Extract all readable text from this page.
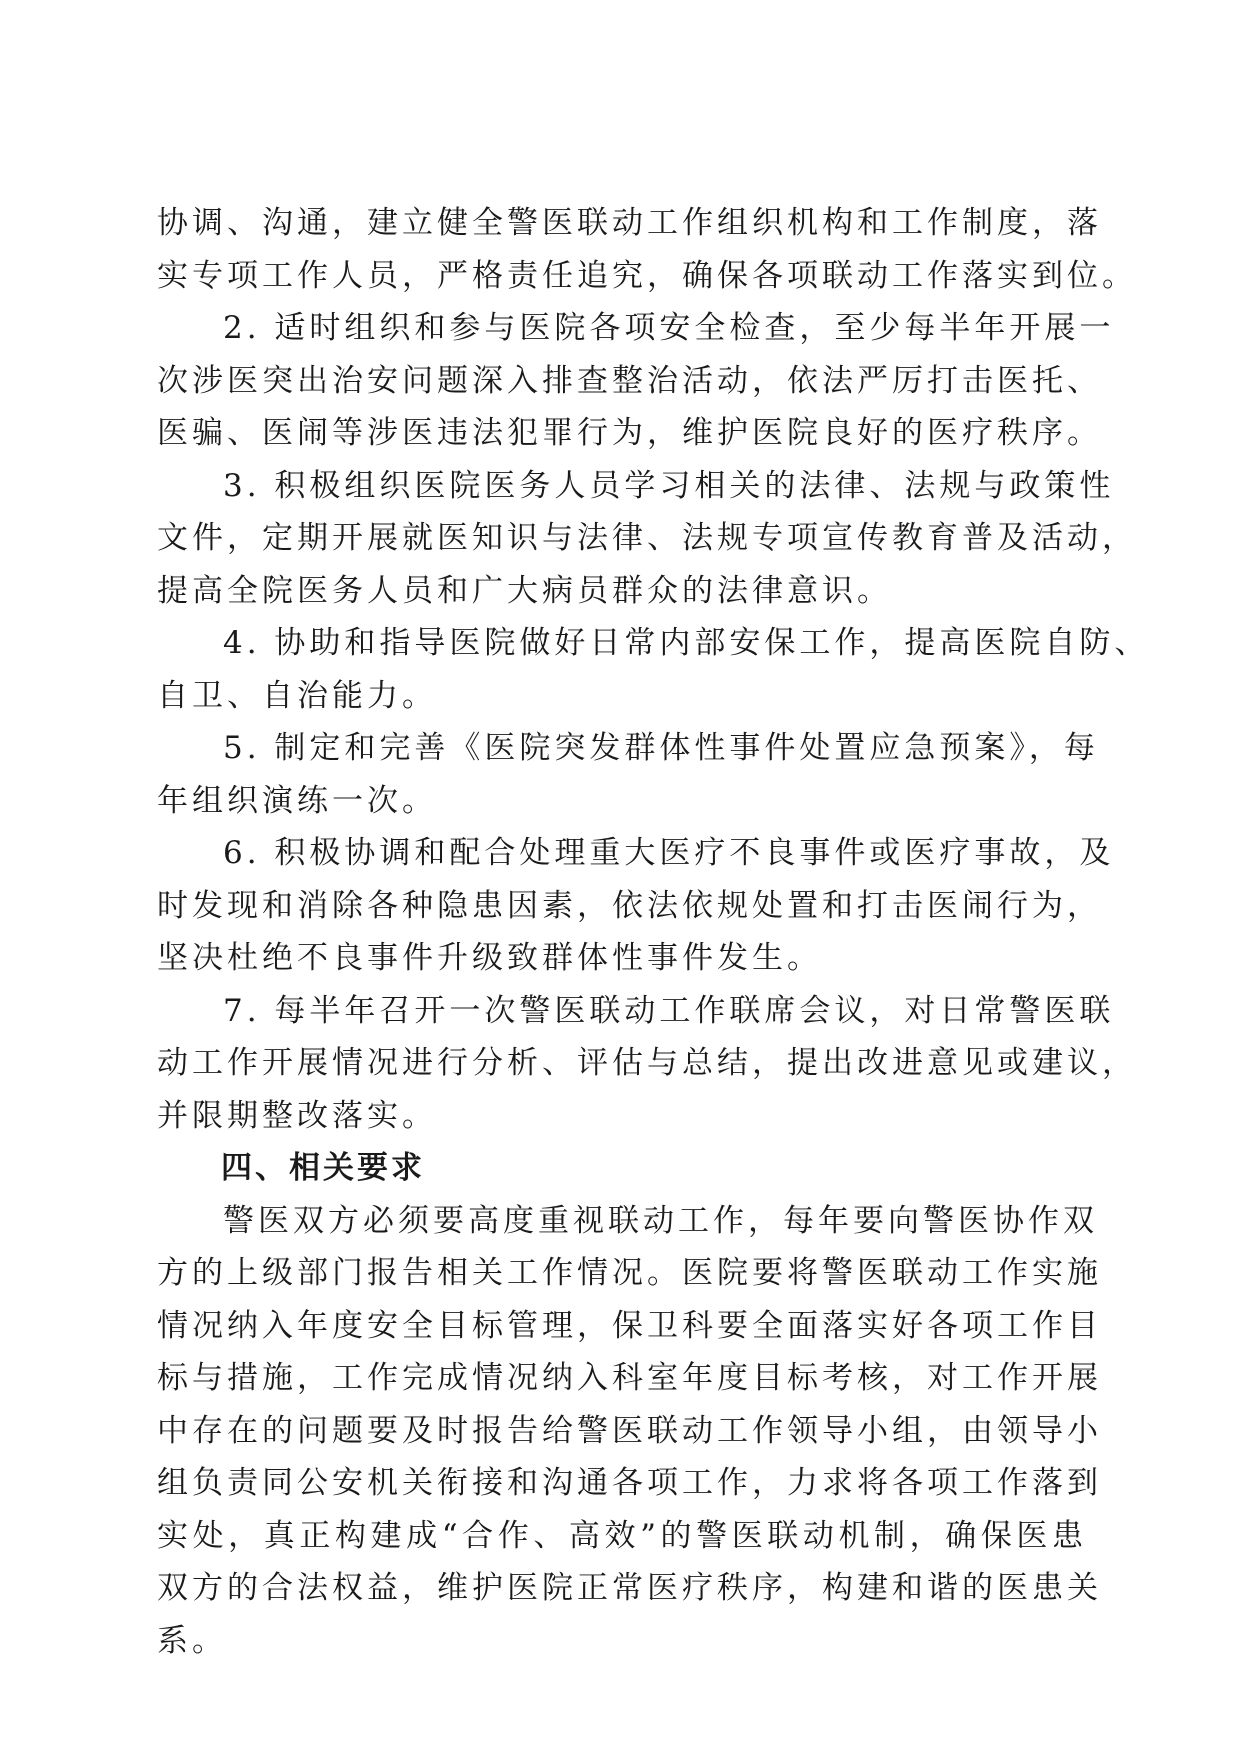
协调、沟通，建立健全警医联动工作组织机构和工作制度，落
实专项工作人员，严格责任追究，确保各项联动工作落实到位。
2. 适时组织和参与医院各项安全检查，至少每半年开展一
次涉医突出治安问题深入排查整治活动，依法严厉打击医托、
医骗、医闹等涉医违法犯罪行为，维护医院良好的医疗秩序。
3. 积极组织医院医务人员学习相关的法律、法规与政策性
文件，定期开展就医知识与法律、法规专项宣传教育普及活动，
提高全院医务人员和广大病员群众的法律意识。
4. 协助和指导医院做好日常内部安保工作，提高医院自防、
自卫、自治能力。
5. 制定和完善《医院突发群体性事件处置应急预案》，每
年组织演练一次。
6. 积极协调和配合处理重大医疗不良事件或医疗事故，及
时发现和消除各种隐患因素，依法依规处置和打击医闹行为，
坚决杜绝不良事件升级致群体性事件发生。
7. 每半年召开一次警医联动工作联席会议，对日常警医联
动工作开展情况进行分析、评估与总结，提出改进意见或建议，
并限期整改落实。
四、相关要求
警医双方必须要高度重视联动工作，每年要向警医协作双
方的上级部门报告相关工作情况。医院要将警医联动工作实施
情况纳入年度安全目标管理，保卫科要全面落实好各项工作目
标与措施，工作完成情况纳入科室年度目标考核，对工作开展
中存在的问题要及时报告给警医联动工作领导小组，由领导小
组负责同公安机关衔接和沟通各项工作，力求将各项工作落到
实处，真正构建成“合作、高效”的警医联动机制，确保医患
双方的合法权益，维护医院正常医疗秩序，构建和谐的医患关
系。
